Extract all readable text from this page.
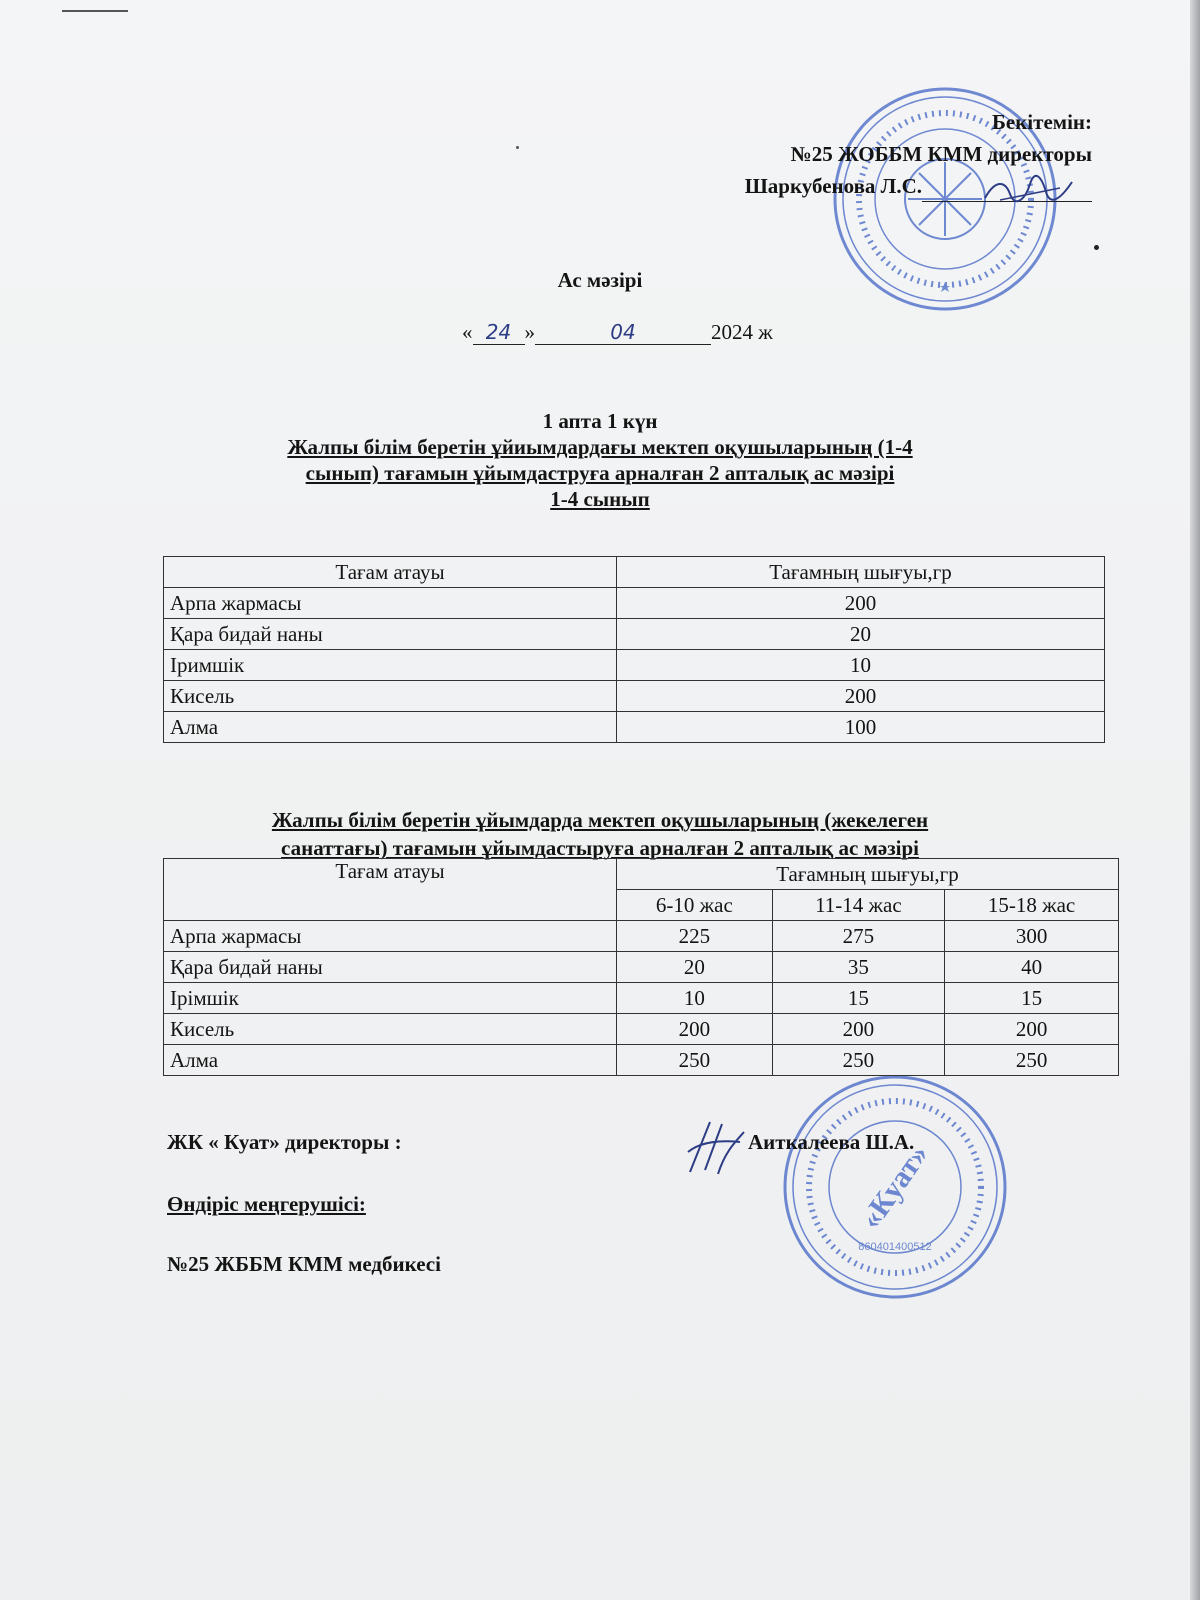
«Куат»
860401400512
Бекітемін:
№25 ЖОББМ КММ директоры
Шаркубенова Л.С.
Ас мәзірі
« 24 »	04	2024 ж
1 апта 1 күн
Жалпы білім беретін ұйиымдардағы мектеп оқушыларының (1-4
сынып) тағамын ұйымдаструға арналған 2 апталық ас мәзірі
1-4 сынып
Тағам атауы	Тағамның шығуы,гр
Арпа жармасы	200
Қара бидай наны	20
Іримшік	10
Кисель	200
Алма	100
Жалпы білім беретін ұйымдарда мектеп оқушыларының (жекелеген
санаттағы) тағамын ұйымдастыруға арналған 2 апталық ас мәзірі
Тағам атауы	Тағамның шығуы,гр		
	6-10 жас	11-14 жас	15-18 жас
Арпа жармасы	225	275	300
Қара бидай наны	20	35	40
Ірімшік	10	15	15
Кисель	200	200	200
Алма	250	250	250
ЖК « Куат» директоры :	Аиткалеева Ш.А.
Өндіріс меңгерушісі:
№25 ЖББМ КММ медбикесі
